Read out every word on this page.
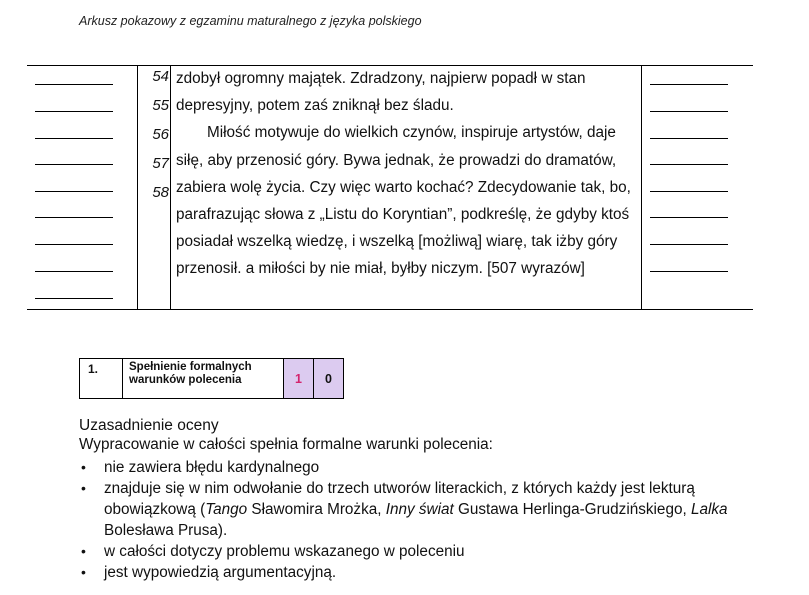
Arkusz pokazowy z egzaminu maturalnego z języka polskiego
54
55
56
57
58

zdobył ogromny majątek. Zdradzony, najpierw popadł w stan depresyjny, potem zaś zniknął bez śladu.

Miłość motywuje do wielkich czynów, inspiruje artystów, daje siłę, aby przenosić góry. Bywa jednak, że prowadzi do dramatów, zabiera wolę życia. Czy więc warto kochać? Zdecydowanie tak, bo, parafrazując słowa z „Listu do Koryntian”, podkreślę, że gdyby ktoś posiadał wszelką wiedzę, i wszelką [możliwą] wiarę, tak iżby góry przenosił. a miłości by nie miał, byłby niczym. [507 wyrazów]

1.	Spełnienie formalnych warunków polecenia	1	0
Uzasadnienie oceny
Wypracowanie w całości spełnia formalne warunki polecenia:
• nie zawiera błędu kardynalnego
• znajduje się w nim odwołanie do trzech utworów literackich, z których każdy jest lekturą obowiązkową (Tango Sławomira Mrożka, Inny świat Gustawa Herlinga-Grudzińskiego, Lalka Bolesława Prusa).
• w całości dotyczy problemu wskazanego w poleceniu
• jest wypowiedzią argumentacyjną.
